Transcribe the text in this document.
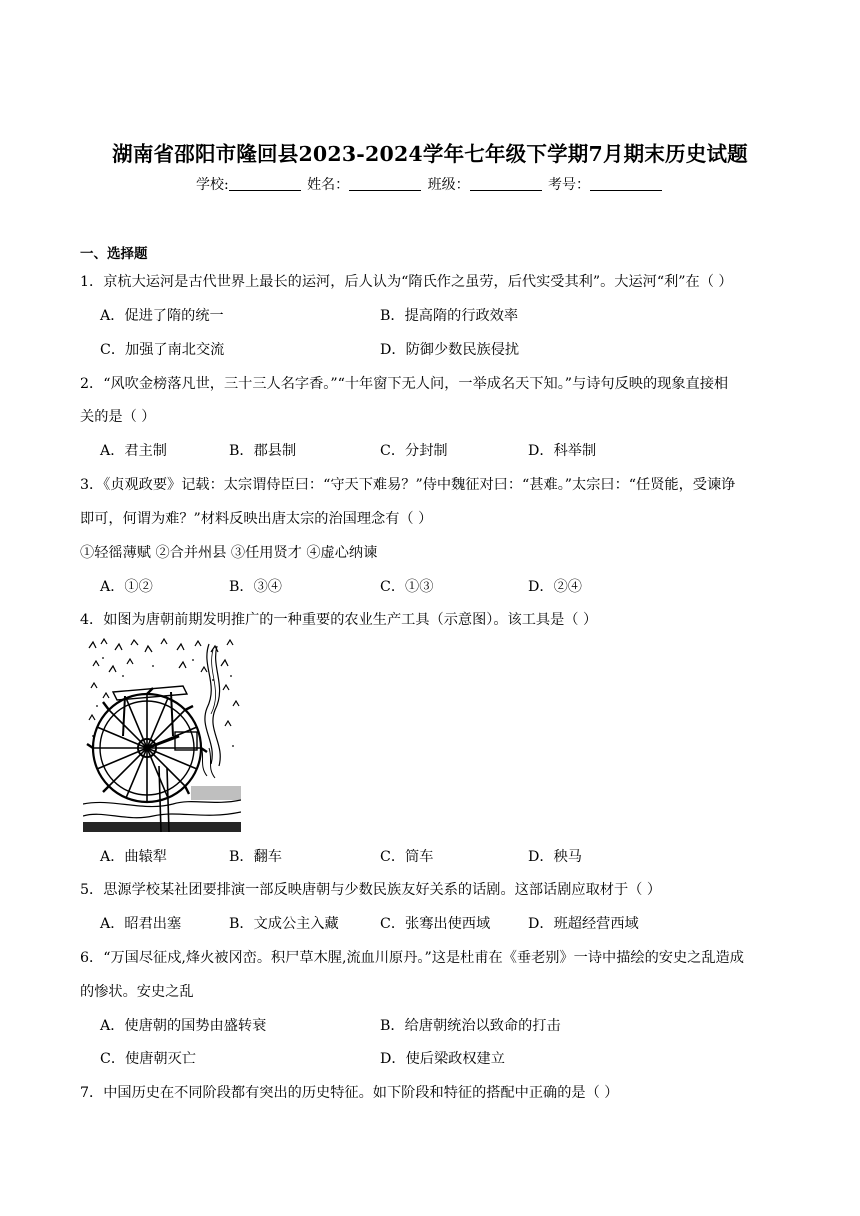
湖南省邵阳市隆回县2023-2024学年七年级下学期7月期末历史试题
学校:	姓名：	班级：	考号：
一、选择题
1．京杭大运河是古代世界上最长的运河，后人认为“隋氏作之虽劳，后代实受其利”。大运河“利”在（ ）
A．促进了隋的统一	B．提高隋的行政效率
C．加强了南北交流	D．防御少数民族侵扰
2．“风吹金榜落凡世，三十三人名字香。”“十年窗下无人问，一举成名天下知。”与诗句反映的现象直接相
关的是（ ）
A．君主制	B．郡县制	C．分封制	D．科举制
3．《贞观政要》记载：太宗谓侍臣曰：“守天下难易？”侍中魏征对曰：“甚难。”太宗曰：“任贤能，受谏诤
即可，何谓为难？”材料反映出唐太宗的治国理念有（ ）
①轻徭薄赋 ②合并州县 ③任用贤才 ④虚心纳谏
A．①②	B．③④	C．①③	D．②④
4．如图为唐朝前期发明推广的一种重要的农业生产工具（示意图）。该工具是（ ）
A．曲辕犁	B．翻车	C．筒车	D．秧马
5．思源学校某社团要排演一部反映唐朝与少数民族友好关系的话剧。这部话剧应取材于（ ）
A．昭君出塞	B．文成公主入藏	C．张骞出使西域	D．班超经营西域
6．“万国尽征戍,烽火被冈峦。积尸草木腥,流血川原丹。”这是杜甫在《垂老别》一诗中描绘的安史之乱造成
的惨状。安史之乱
A．使唐朝的国势由盛转衰	B．给唐朝统治以致命的打击
C．使唐朝灭亡	D．使后梁政权建立
7．中国历史在不同阶段都有突出的历史特征。如下阶段和特征的搭配中正确的是（ ）
